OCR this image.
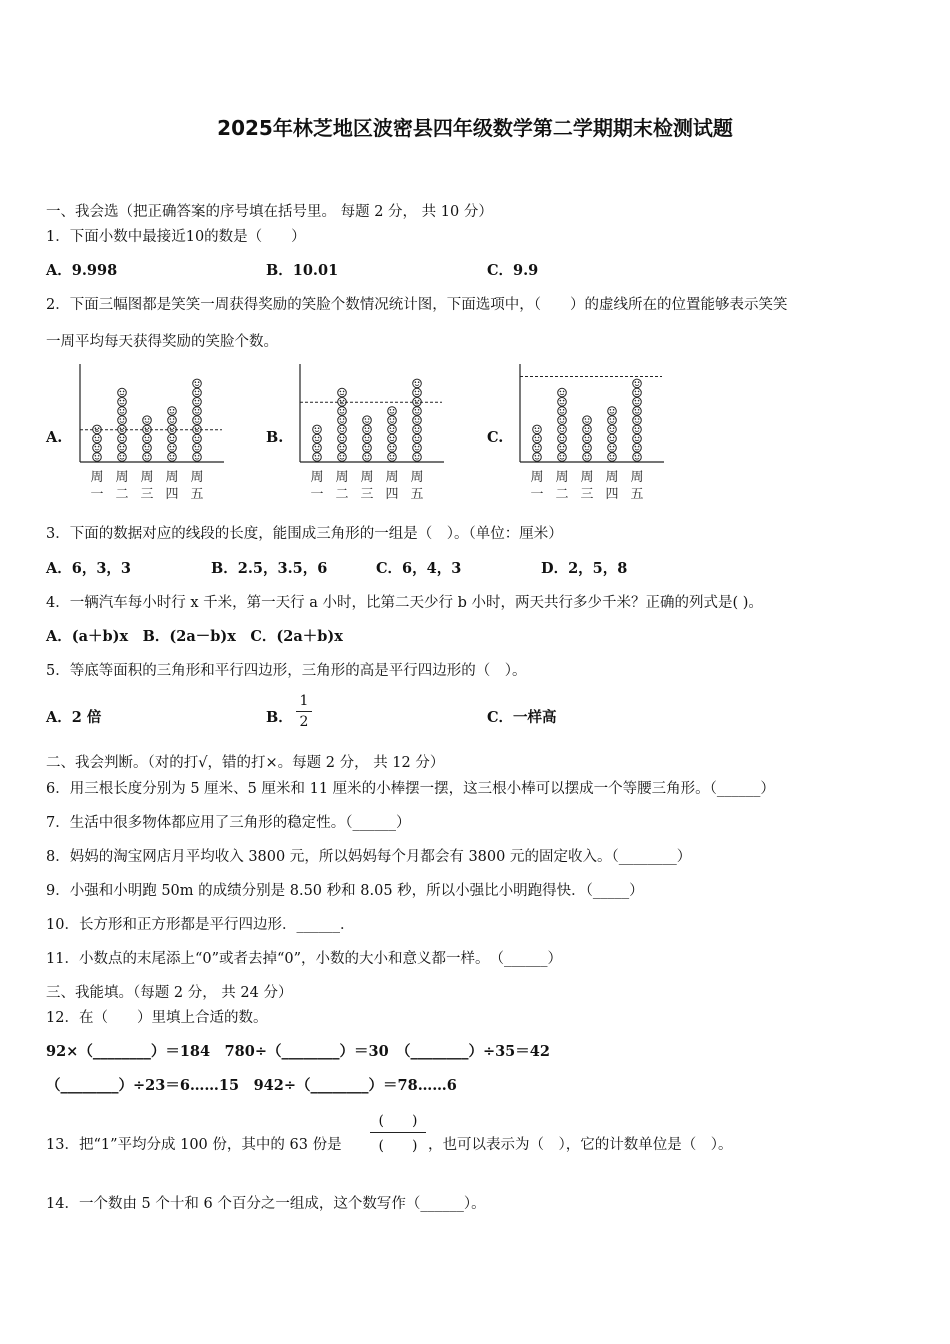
2025年林芝地区波密县四年级数学第二学期期末检测试题
一、我会选（把正确答案的序号填在括号里。 每题 2 分， 共 10 分）
1．下面小数中最接近10的数是（　　）
A．9.998	B．10.01	C．9.9
2．下面三幅图都是笑笑一周获得奖励的笑脸个数情况统计图，下面选项中，（　　）的虚线所在的位置能够表示笑笑
一周平均每天获得奖励的笑脸个数。
A.	B.	C.
周一
周二
周三
周四
周五
周一
周二
周三
周四
周五
周一
周二
周三
周四
周五
3．下面的数据对应的线段的长度，能围成三角形的一组是（　）。（单位：厘米）
A．6，3，3	B．2.5，3.5，6	C．6，4，3	D．2，5，8
4．一辆汽车每小时行 x 千米，第一天行 a 小时，比第二天少行 b 小时，两天共行多少千米？正确的列式是( )。
A．(a＋b)x　B．(2a－b)x　C．(2a＋b)x
5．等底等面积的三角形和平行四边形，三角形的高是平行四边形的（　）。
A．2 倍	B．
1
2	C．一样高
二、我会判断。（对的打√，错的打×。每题 2 分， 共 12 分）
6．用三根长度分别为 5 厘米、5 厘米和 11 厘米的小棒摆一摆，这三根小棒可以摆成一个等腰三角形。（______）
7．生活中很多物体都应用了三角形的稳定性。（______）
8．妈妈的淘宝网店月平均收入 3800 元，所以妈妈每个月都会有 3800 元的固定收入。（________）
9．小强和小明跑 50m 的成绩分别是 8.50 秒和 8.05 秒，所以小强比小明跑得快．（_____）
10．长方形和正方形都是平行四边形．______．
11．小数点的末尾添上“0”或者去掉“0”，小数的大小和意义都一样。　（______）
三、我能填。（每题 2 分， 共 24 分）
12．在（　　）里填上合适的数。
92×（________）＝184　780÷（________）＝30　（________）÷35＝42
（________）÷23＝6……15　942÷（________）＝78……6
13．把“1”平均分成 100 份，其中的 63 份是
(　　)
(　　) ，也可以表示为（　），它的计数单位是（　）。
14．一个数由 5 个十和 6 个百分之一组成，这个数写作（______）。
